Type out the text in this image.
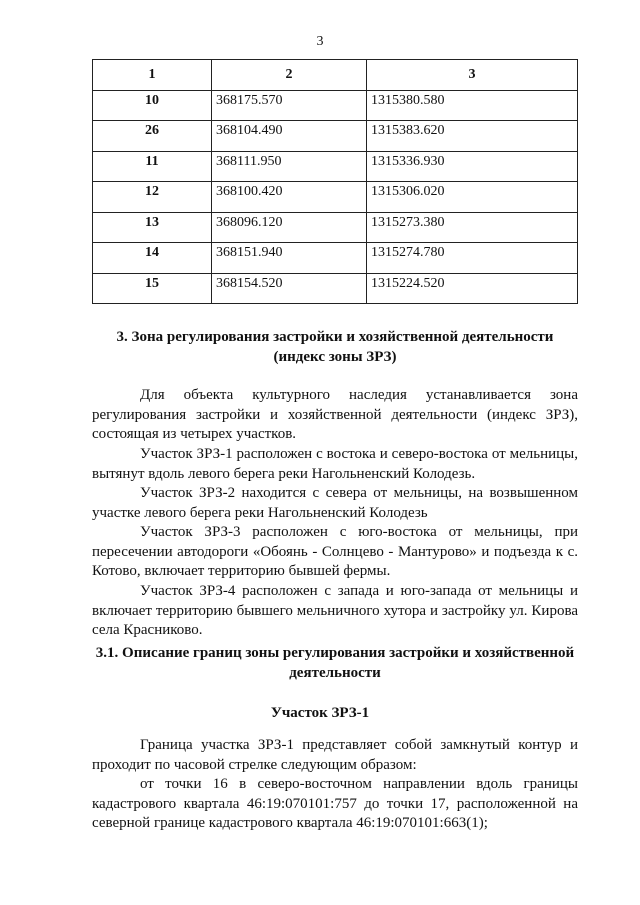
3
1	2	3
10	368175.570	1315380.580
26	368104.490	1315383.620
11	368111.950	1315336.930
12	368100.420	1315306.020
13	368096.120	1315273.380
14	368151.940	1315274.780
15	368154.520	1315224.520
3. Зона регулирования застройки и хозяйственной деятельности
(индекс зоны ЗРЗ)

Для объекта культурного наследия устанавливается зона регулирования застройки и хозяйственной деятельности (индекс ЗРЗ), состоящая из четырех участков.

Участок ЗРЗ-1 расположен с востока и северо-востока от мельницы, вытянут вдоль левого берега реки Нагольненский Колодезь.

Участок ЗРЗ-2 находится с севера от мельницы, на возвышенном участке левого берега реки Нагольненский Колодезь

Участок ЗРЗ-3 расположен с юго-востока от мельницы, при пересечении автодороги «Обоянь - Солнцево - Мантурово» и подъезда к с. Котово, включает территорию бывшей фермы.

Участок ЗРЗ-4 расположен с запада и юго-запада от мельницы и включает территорию бывшего мельничного хутора и застройку ул. Кирова села Красниково.

3.1. Описание границ зоны регулирования застройки и хозяйственной
деятельности
Участок ЗРЗ-1

Граница участка ЗРЗ-1 представляет собой замкнутый контур и проходит по часовой стрелке следующим образом:

от точки 16 в северо-восточном направлении вдоль границы кадастрового квартала 46:19:070101:757 до точки 17, расположенной на северной границе кадастрового квартала 46:19:070101:663(1);
